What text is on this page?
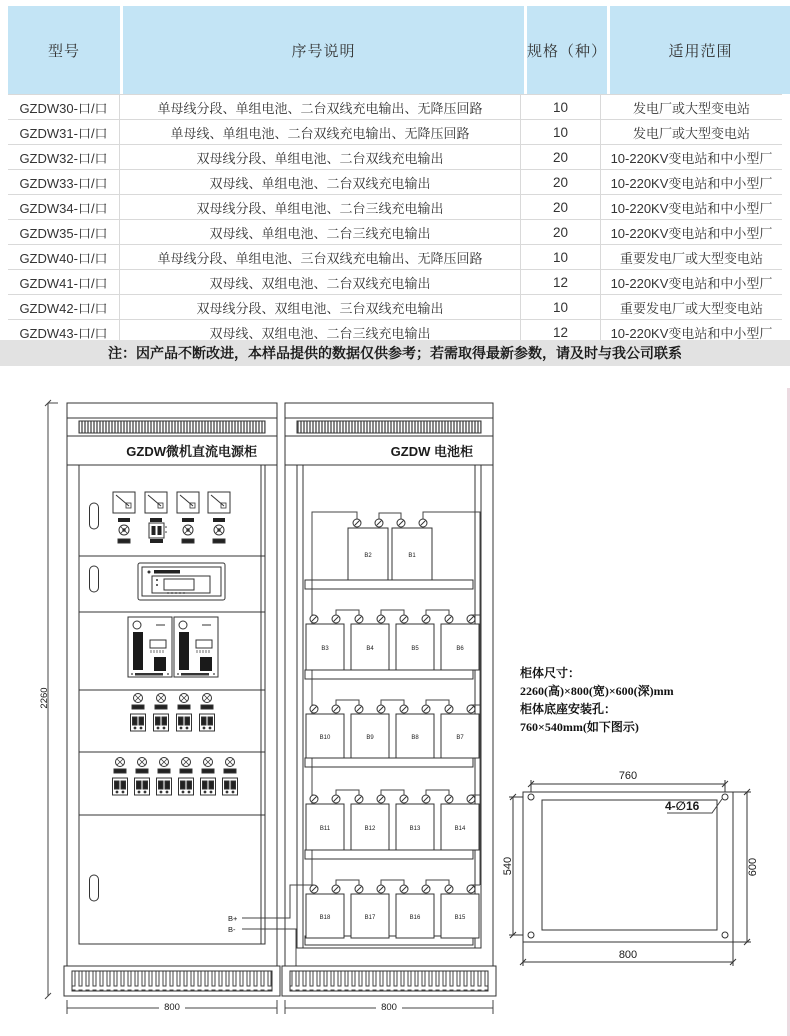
型号	序号说明	规格（种）	适用范围
GZDW30-口/口	单母线分段、单组电池、二台双线充电输出、无降压回路	10	发电厂或大型变电站
GZDW31-口/口	单母线、单组电池、二台双线充电输出、无降压回路	10	发电厂或大型变电站
GZDW32-口/口	双母线分段、单组电池、二台双线充电输出	20	10-220KV变电站和中小型厂
GZDW33-口/口	双母线、单组电池、二台双线充电输出	20	10-220KV变电站和中小型厂
GZDW34-口/口	双母线分段、单组电池、二台三线充电输出	20	10-220KV变电站和中小型厂
GZDW35-口/口	双母线、单组电池、二台三线充电输出	20	10-220KV变电站和中小型厂
GZDW40-口/口	单母线分段、单组电池、三台双线充电输出、无降压回路	10	重要发电厂或大型变电站
GZDW41-口/口	双母线、双组电池、二台双线充电输出	12	10-220KV变电站和中小型厂
GZDW42-口/口	双母线分段、双组电池、三台双线充电输出	10	重要发电厂或大型变电站
GZDW43-口/口	双母线、双组电池、二台三线充电输出	12	10-220KV变电站和中小型厂
注：因产品不断改进，本样品提供的数据仅供参考；若需取得最新参数，请及时与我公司联系
2260
GZDW微机直流电源柜	GZDW 电池柜
B2	B1
B3	B4	B5	B6
B10	B9	B8	B7
B11	B12	B13	B14
B18	B17	B16	B15
B+
B-
800	800
760
540	600
800
4-∅16
柜体尺寸：
2260(高)×800(宽)×600(深)mm
柜体底座安装孔：
760×540mm(如下图示)
